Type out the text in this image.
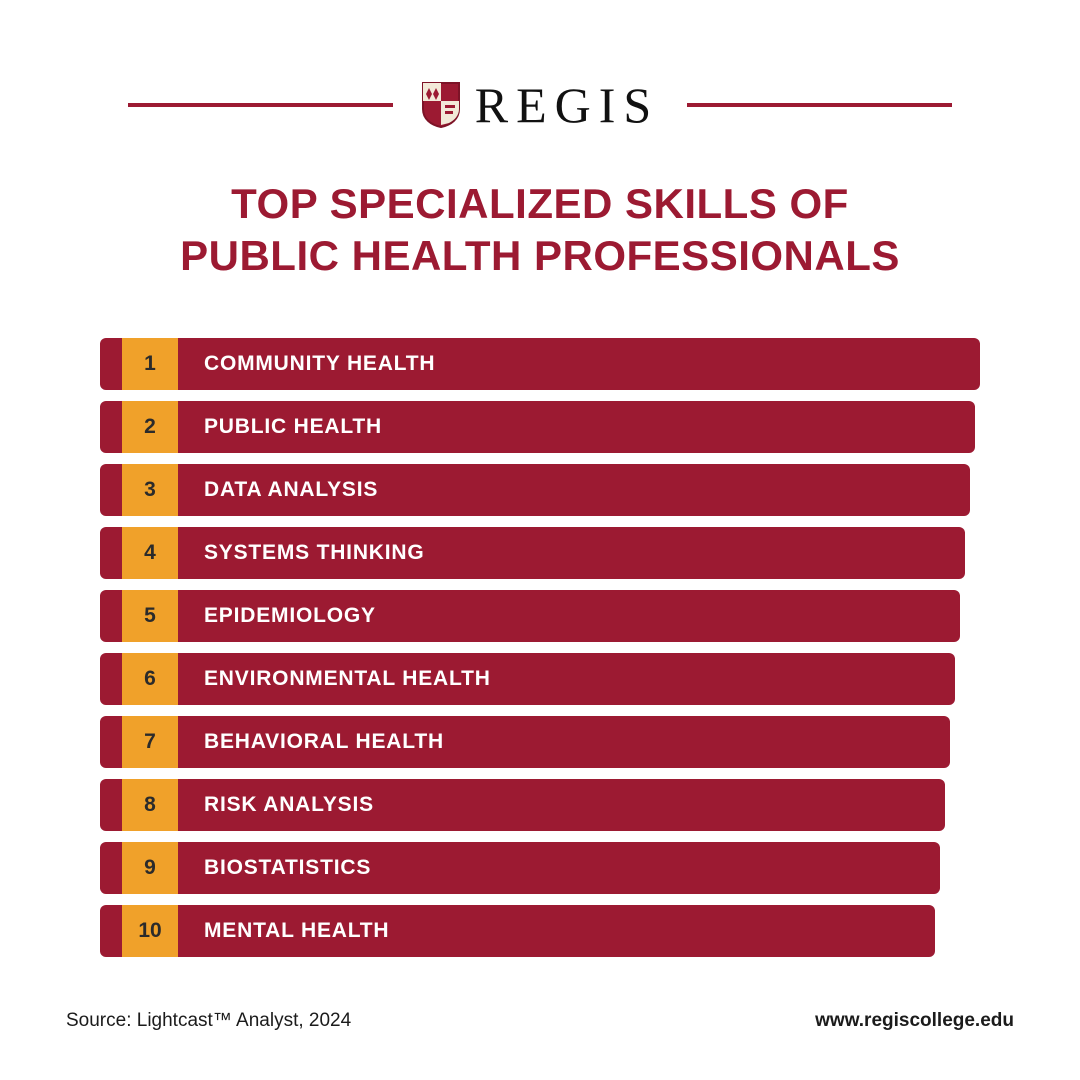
REGIS
TOP SPECIALIZED SKILLS OF
PUBLIC HEALTH PROFESSIONALS
1	COMMUNITY HEALTH
2	PUBLIC HEALTH
3	DATA ANALYSIS
4	SYSTEMS THINKING
5	EPIDEMIOLOGY
6	ENVIRONMENTAL HEALTH
7	BEHAVIORAL HEALTH
8	RISK ANALYSIS
9	BIOSTATISTICS
10	MENTAL HEALTH
Source: Lightcast™ Analyst, 2024	www.regiscollege.edu
